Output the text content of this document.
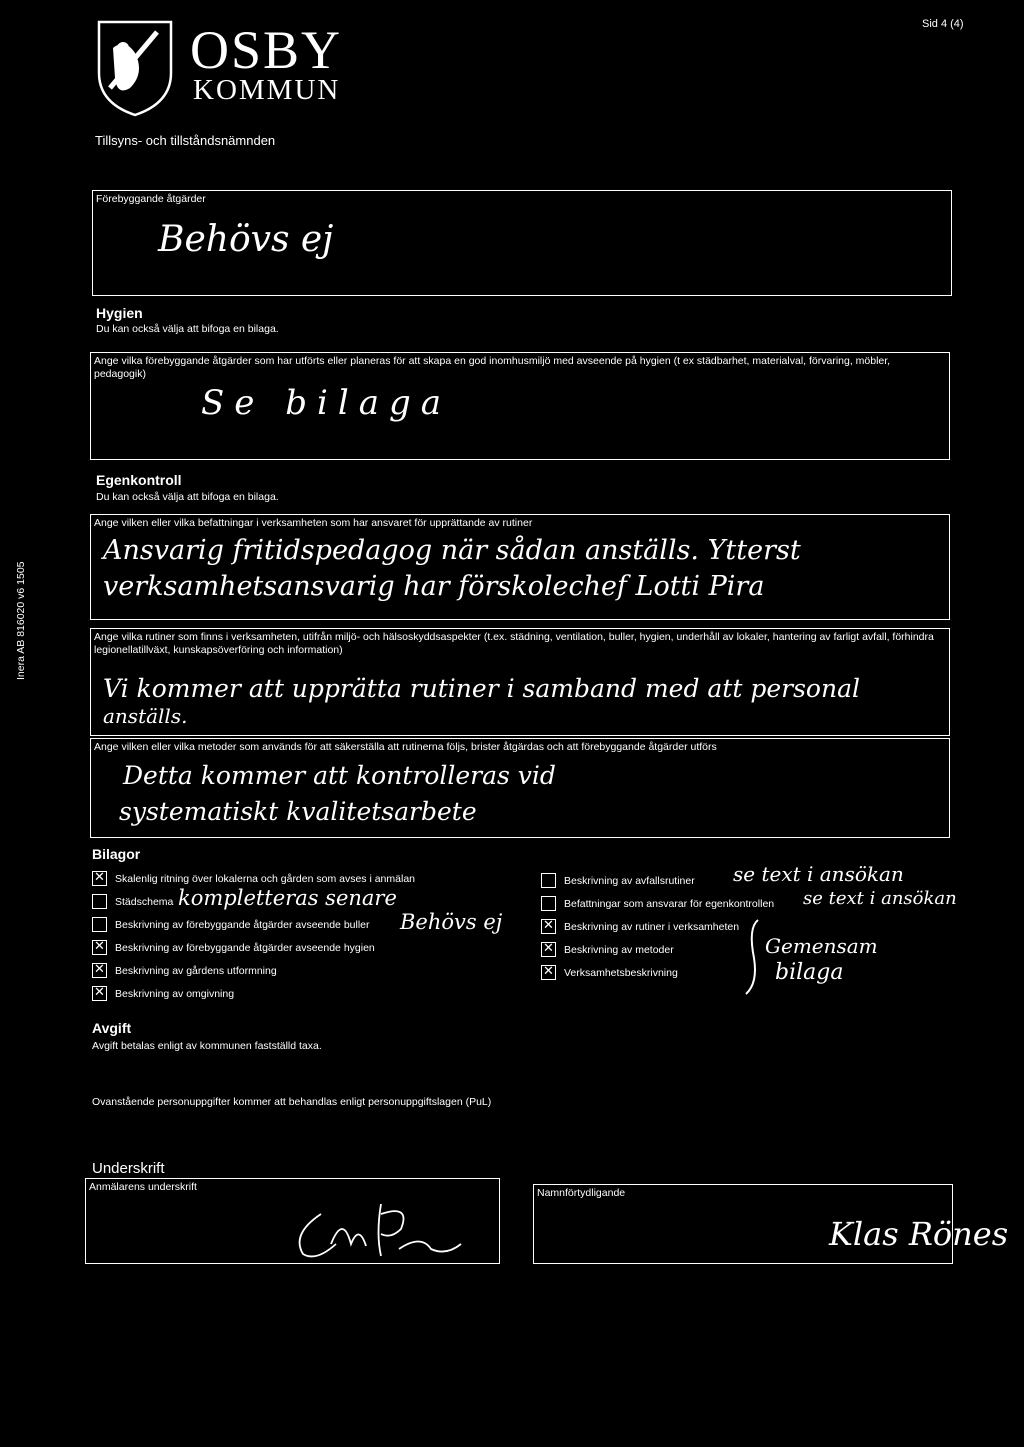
OSBY
KOMMUN
Sid 4 (4)
Tillsyns- och tillståndsnämnden
Inera AB 816020 v6 1505
Förebyggande åtgärder
Behövs ej
Hygien
Du kan också välja att bifoga en bilaga.
Ange vilka förebyggande åtgärder som har utförts eller planeras för att skapa en god inomhusmiljö med avseende på hygien (t ex städbarhet, materialval, förvaring, möbler, pedagogik)
Se bilaga
Egenkontroll
Du kan också välja att bifoga en bilaga.
Ange vilken eller vilka befattningar i verksamheten som har ansvaret för upprättande av rutiner
Ansvarig fritidspedagog när sådan anställs. Ytterst
verksamhetsansvarig har förskolechef Lotti Pira
Ange vilka rutiner som finns i verksamheten, utifrån miljö- och hälsoskyddsaspekter (t.ex. städning, ventilation, buller, hygien, underhåll av lokaler, hantering av farligt avfall, förhindra legionellatillväxt, kunskapsöverföring och information)
Vi kommer att upprätta rutiner i samband med att personal
anställs.
Ange vilken eller vilka metoder som används för att säkerställa att rutinerna följs, brister åtgärdas och att förebyggande åtgärder utförs
Detta kommer att kontrolleras vid
systematiskt kvalitetsarbete
Bilagor
✕ Skalenlig ritning över lokalerna och gården som avses i anmälan
Städschema kompletteras senare
Beskrivning av förebyggande åtgärder avseende buller Behövs ej
✕ Beskrivning av förebyggande åtgärder avseende hygien
✕ Beskrivning av gårdens utformning
✕ Beskrivning av omgivning
Beskrivning av avfallsrutiner se text i ansökan
Befattningar som ansvarar för egenkontrollen se text i ansökan
✕ Beskrivning av rutiner i verksamheten
✕ Beskrivning av metoder
✕ Verksamhetsbeskrivning
Gemensam
bilaga
Avgift
Avgift betalas enligt av kommunen fastställd taxa.
Ovanstående personuppgifter kommer att behandlas enligt personuppgiftslagen (PuL)
Underskrift
Anmälarens underskrift	Namnförtydligande
Klas Rönes
